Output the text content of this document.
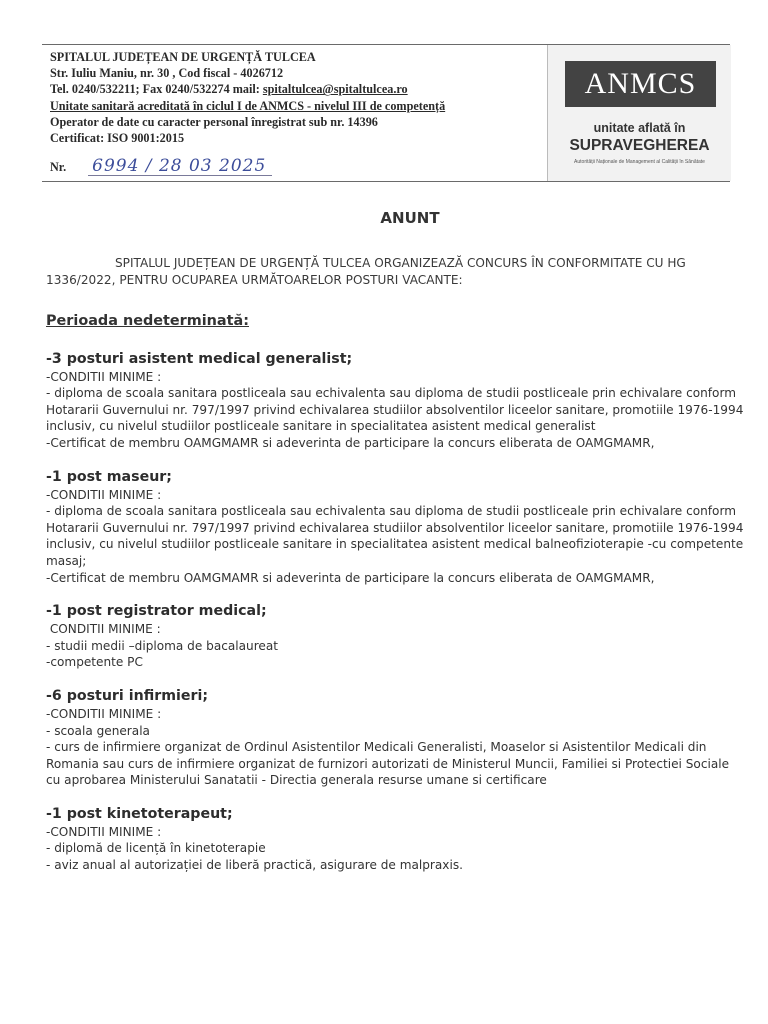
SPITALUL JUDEȚEAN DE URGENȚĂ TULCEA
Str. Iuliu Maniu, nr. 30 , Cod fiscal - 4026712
Tel. 0240/532211; Fax 0240/532274 mail: spitaltulcea@spitaltulcea.ro
Unitate sanitară acreditată în ciclul I de ANMCS - nivelul III de competență
Operator de date cu caracter personal înregistrat sub nr. 14396
Certificat: ISO 9001:2015
Nr. 6994 / 28 03 2025
ANMCS
unitate aflată în
SUPRAVEGHEREA
Autorității Naționale de Management al Calității în Sănătate
ANUNT
SPITALUL JUDEȚEAN DE URGENȚĂ TULCEA ORGANIZEAZĂ CONCURS ÎN CONFORMITATE CU HG
1336/2022, PENTRU OCUPAREA URMĂTOARELOR POSTURI VACANTE:
Perioada nedeterminată:
-3 posturi asistent medical generalist;
-CONDITII MINIME :
- diploma de scoala sanitara postliceala sau echivalenta sau diploma de studii postliceale prin echivalare conform Hotararii Guvernului nr. 797/1997 privind echivalarea studiilor absolventilor liceelor sanitare, promotiile 1976-1994 inclusiv, cu nivelul studiilor postliceale sanitare in specialitatea asistent medical generalist
-Certificat de membru OAMGMAMR si adeverinta de participare la concurs eliberata de OAMGMAMR,
-1 post maseur;
-CONDITII MINIME :
- diploma de scoala sanitara postliceala sau echivalenta sau diploma de studii postliceale prin echivalare conform Hotararii Guvernului nr. 797/1997 privind echivalarea studiilor absolventilor liceelor sanitare, promotiile 1976-1994 inclusiv, cu nivelul studiilor postliceale sanitare in specialitatea asistent medical balneofizioterapie -cu competente masaj;
-Certificat de membru OAMGMAMR si adeverinta de participare la concurs eliberata de OAMGMAMR,
-1 post registrator medical;
CONDITII MINIME :
- studii medii –diploma de bacalaureat
-competente PC
-6 posturi infirmieri;
-CONDITII MINIME :
- scoala generala
- curs de infirmiere organizat de Ordinul Asistentilor Medicali Generalisti, Moaselor si Asistentilor Medicali din Romania sau curs de infirmiere organizat de furnizori autorizati de Ministerul Muncii, Familiei si Protectiei Sociale cu aprobarea Ministerului Sanatatii - Directia generala resurse umane si certificare
-1 post kinetoterapeut;
-CONDITII MINIME :
- diplomă de licență în kinetoterapie
- aviz anual al autorizației de liberă practică, asigurare de malpraxis.
